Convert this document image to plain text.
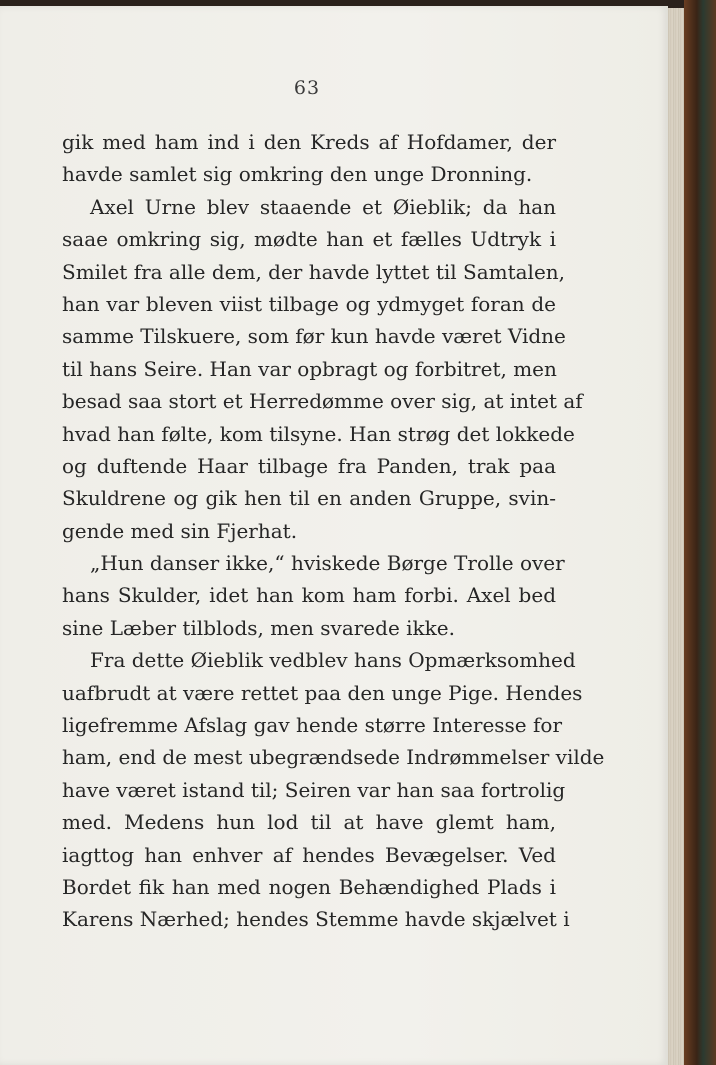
63
gik med ham ind i den Kreds af Hofdamer, der
havde samlet sig omkring den unge Dronning.
Axel Urne blev staaende et Øieblik; da han
saae omkring sig, mødte han et fælles Udtryk i
Smilet fra alle dem, der havde lyttet til Samtalen,
han var bleven viist tilbage og ydmyget foran de
samme Tilskuere, som før kun havde været Vidne
til hans Seire. Han var opbragt og forbitret, men
besad saa stort et Herredømme over sig, at intet af
hvad han følte, kom tilsyne. Han strøg det lokkede
og duftende Haar tilbage fra Panden, trak paa
Skuldrene og gik hen til en anden Gruppe, svin-
gende med sin Fjerhat.
„Hun danser ikke,“ hviskede Børge Trolle over
hans Skulder, idet han kom ham forbi. Axel bed
sine Læber tilblods, men svarede ikke.
Fra dette Øieblik vedblev hans Opmærksomhed
uafbrudt at være rettet paa den unge Pige. Hendes
ligefremme Afslag gav hende større Interesse for
ham, end de mest ubegrændsede Indrømmelser vilde
have været istand til; Seiren var han saa fortrolig
med. Medens hun lod til at have glemt ham,
iagttog han enhver af hendes Bevægelser. Ved
Bordet fik han med nogen Behændighed Plads i
Karens Nærhed; hendes Stemme havde skjælvet i
